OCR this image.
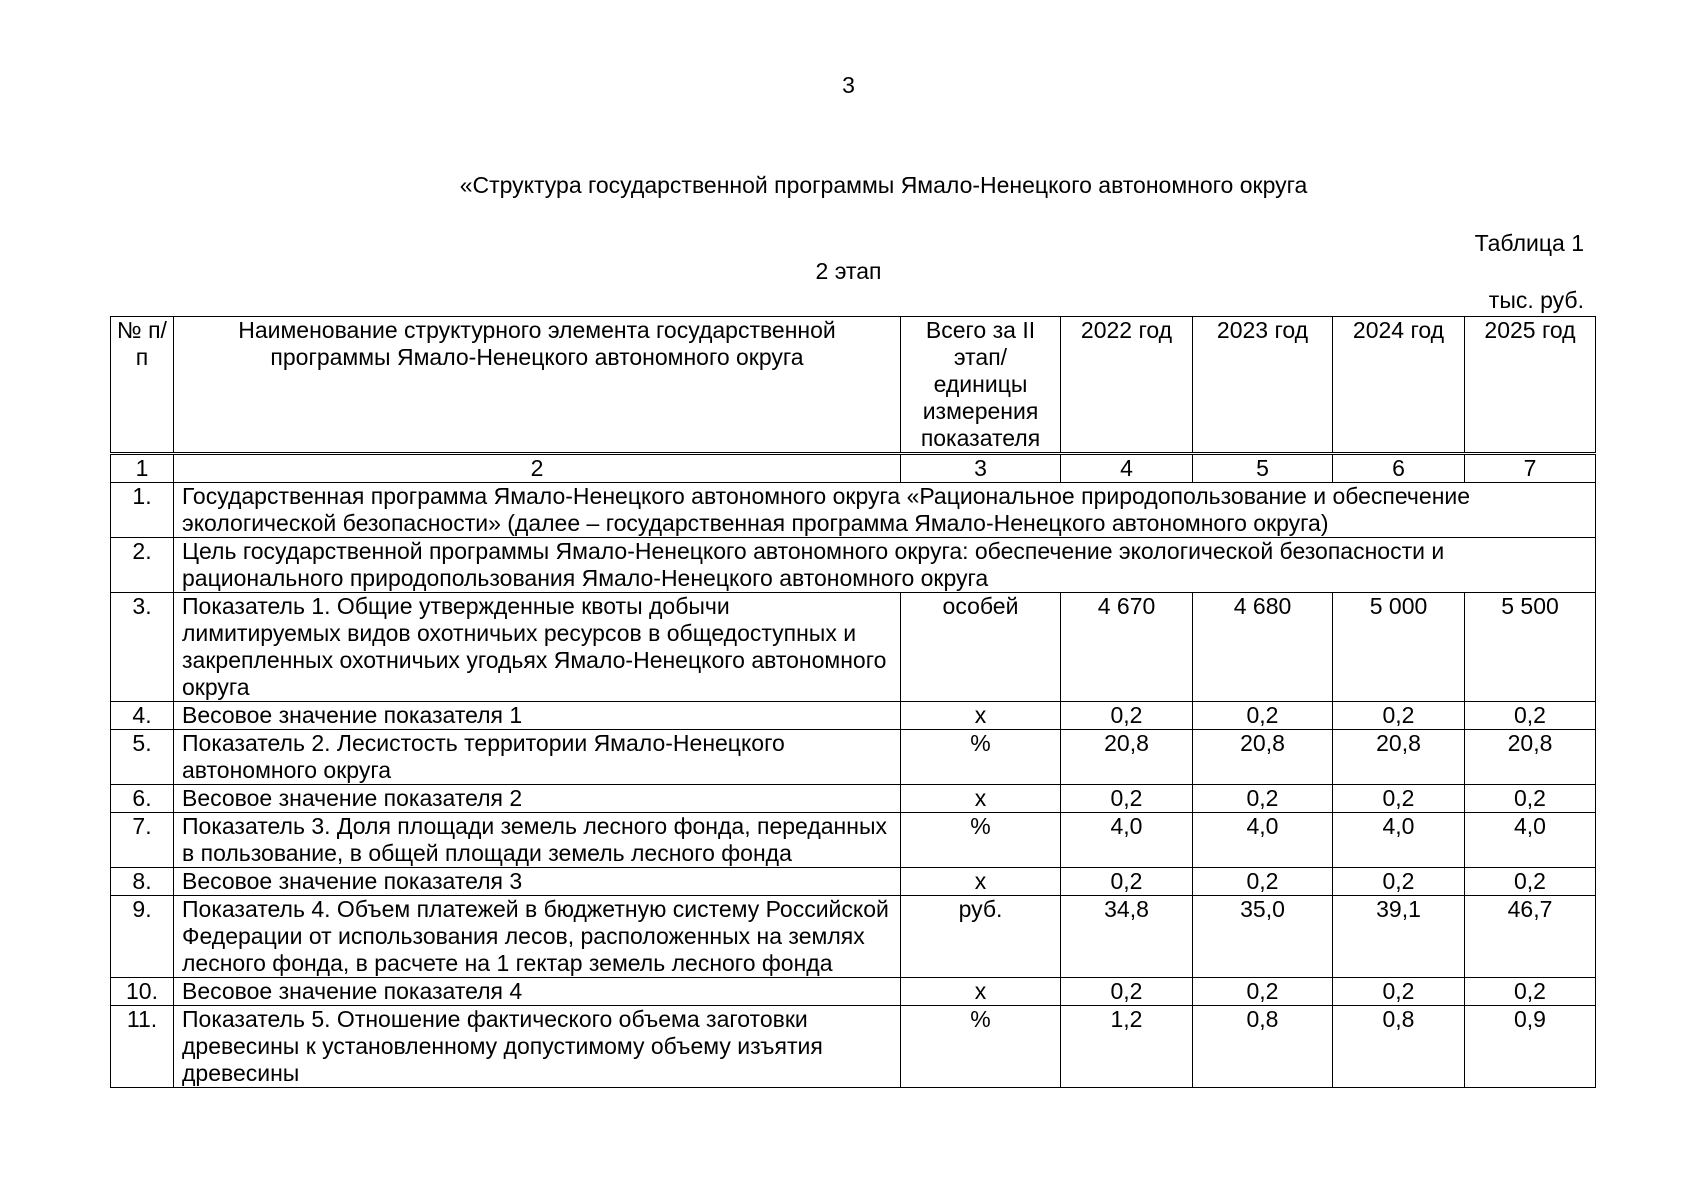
3
«Структура государственной программы Ямало-Ненецкого автономного округа
Таблица 1
2 этап
тыс. руб.
№ п/п	Наименование структурного элемента государственной программы Ямало-Ненецкого автономного округа	Всего за II этап/ единицы измерения показателя	2022 год	2023 год	2024 год	2025 год
1	2	3	4	5	6	7
1.	Государственная программа Ямало-Ненецкого автономного округа «Рациональное природопользование и обеспечение экологической безопасности» (далее – государственная программа Ямало-Ненецкого автономного округа)					
2.	Цель государственной программы Ямало-Ненецкого автономного округа: обеспечение экологической безопасности и рационального природопользования Ямало-Ненецкого автономного округа					
3.	Показатель 1. Общие утвержденные квоты добычи лимитируемых видов охотничьих ресурсов в общедоступных и закрепленных охотничьих угодьях Ямало-Ненецкого автономного округа	особей	4 670	4 680	5 000	5 500
4.	Весовое значение показателя 1	х	0,2	0,2	0,2	0,2
5.	Показатель 2. Лесистость территории Ямало-Ненецкого автономного округа	%	20,8	20,8	20,8	20,8
6.	Весовое значение показателя 2	х	0,2	0,2	0,2	0,2
7.	Показатель 3. Доля площади земель лесного фонда, переданных в пользование, в общей площади земель лесного фонда	%	4,0	4,0	4,0	4,0
8.	Весовое значение показателя 3	х	0,2	0,2	0,2	0,2
9.	Показатель 4. Объем платежей в бюджетную систему Российской Федерации от использования лесов, расположенных на землях лесного фонда, в расчете на 1 гектар земель лесного фонда	руб.	34,8	35,0	39,1	46,7
10.	Весовое значение показателя 4	х	0,2	0,2	0,2	0,2
11.	Показатель 5. Отношение фактического объема заготовки древесины к установленному допустимому объему изъятия древесины	%	1,2	0,8	0,8	0,9
